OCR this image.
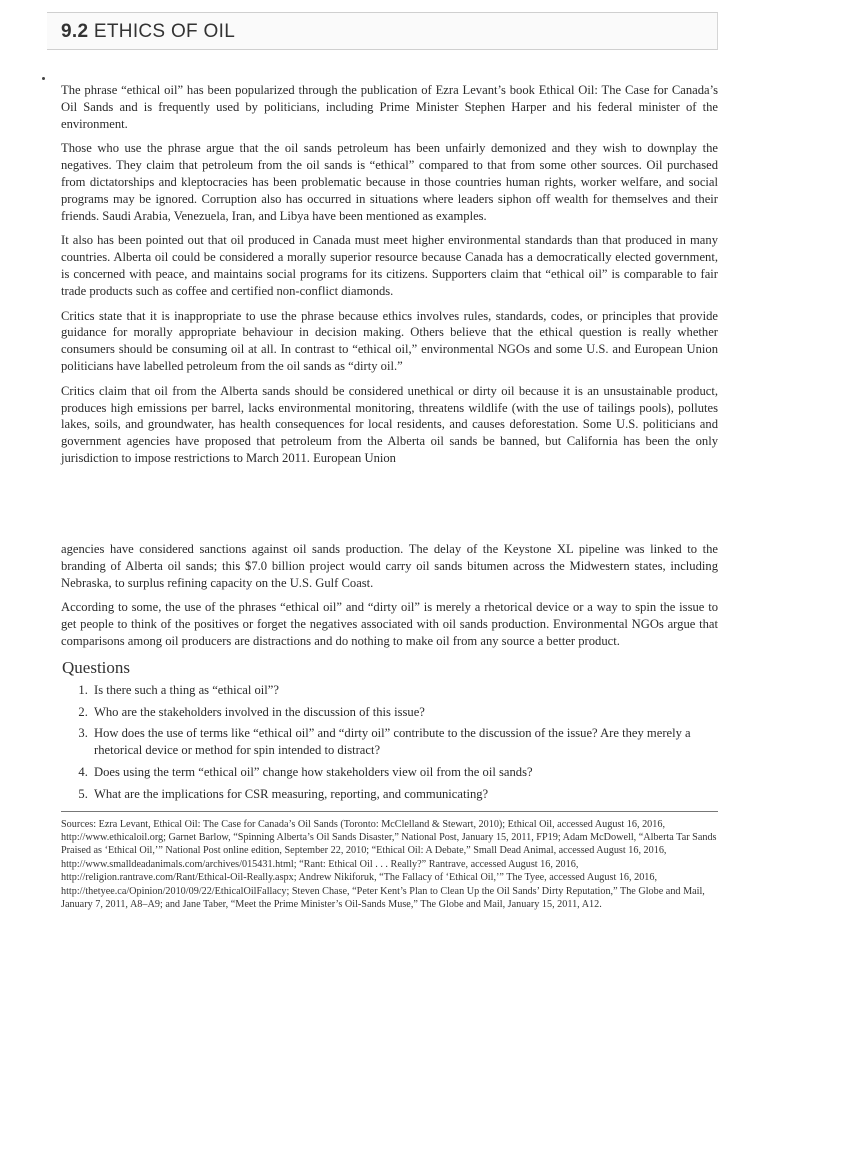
9.2 ETHICS OF OIL

The phrase “ethical oil” has been popularized through the publication of Ezra Levant’s book Ethical Oil: The Case for Canada’s Oil Sands and is frequently used by politicians, including Prime Minister Stephen Harper and his federal minister of the environment.

Those who use the phrase argue that the oil sands petroleum has been unfairly demonized and they wish to downplay the negatives. They claim that petroleum from the oil sands is “ethical” compared to that from some other sources. Oil purchased from dictatorships and kleptocracies has been problematic because in those countries human rights, worker welfare, and social programs may be ignored. Corruption also has occurred in situations where leaders siphon off wealth for themselves and their friends. Saudi Arabia, Venezuela, Iran, and Libya have been mentioned as examples.

It also has been pointed out that oil produced in Canada must meet higher environmental standards than that produced in many countries. Alberta oil could be considered a morally superior resource because Canada has a democratically elected government, is concerned with peace, and maintains social programs for its citizens. Supporters claim that “ethical oil” is comparable to fair trade products such as coffee and certified non-conflict diamonds.

Critics state that it is inappropriate to use the phrase because ethics involves rules, standards, codes, or principles that provide guidance for morally appropriate behaviour in decision making. Others believe that the ethical question is really whether consumers should be consuming oil at all. In contrast to “ethical oil,” environmental NGOs and some U.S. and European Union politicians have labelled petroleum from the oil sands as “dirty oil.”

Critics claim that oil from the Alberta sands should be considered unethical or dirty oil because it is an unsustainable product, produces high emissions per barrel, lacks environmental monitoring, threatens wildlife (with the use of tailings pools), pollutes lakes, soils, and groundwater, has health consequences for local residents, and causes deforestation. Some U.S. politicians and government agencies have proposed that petroleum from the Alberta oil sands be banned, but California has been the only jurisdiction to impose restrictions to March 2011. European Union

agencies have considered sanctions against oil sands production. The delay of the Keystone XL pipeline was linked to the branding of Alberta oil sands; this $7.0 billion project would carry oil sands bitumen across the Midwestern states, including Nebraska, to surplus refining capacity on the U.S. Gulf Coast.

According to some, the use of the phrases “ethical oil” and “dirty oil” is merely a rhetorical device or a way to spin the issue to get people to think of the positives or forget the negatives associated with oil sands production. Environmental NGOs argue that comparisons among oil producers are distractions and do nothing to make oil from any source a better product.

Questions
1. Is there such a thing as “ethical oil”?
2. Who are the stakeholders involved in the discussion of this issue?
3. How does the use of terms like “ethical oil” and “dirty oil” contribute to the discussion of the issue? Are they merely a rhetorical device or method for spin intended to distract?
4. Does using the term “ethical oil” change how stakeholders view oil from the oil sands?
5. What are the implications for CSR measuring, reporting, and communicating?

Sources: Ezra Levant, Ethical Oil: The Case for Canada’s Oil Sands (Toronto: McClelland & Stewart, 2010); Ethical Oil, accessed August 16, 2016, http://www.ethicaloil.org; Garnet Barlow, “Spinning Alberta’s Oil Sands Disaster,” National Post, January 15, 2011, FP19; Adam McDowell, “Alberta Tar Sands Praised as ‘Ethical Oil,’” National Post online edition, September 22, 2010; “Ethical Oil: A Debate,” Small Dead Animal, accessed August 16, 2016, http://www.smalldeadanimals.com/archives/015431.html; “Rant: Ethical Oil . . . Really?” Rantrave, accessed August 16, 2016, http://religion.rantrave.com/Rant/Ethical-Oil-Really.aspx; Andrew Nikiforuk, “The Fallacy of ‘Ethical Oil,’” The Tyee, accessed August 16, 2016, http://thetyee.ca/Opinion/2010/09/22/EthicalOilFallacy; Steven Chase, “Peter Kent’s Plan to Clean Up the Oil Sands’ Dirty Reputation,” The Globe and Mail, January 7, 2011, A8–A9; and Jane Taber, “Meet the Prime Minister’s Oil-Sands Muse,” The Globe and Mail, January 15, 2011, A12.
